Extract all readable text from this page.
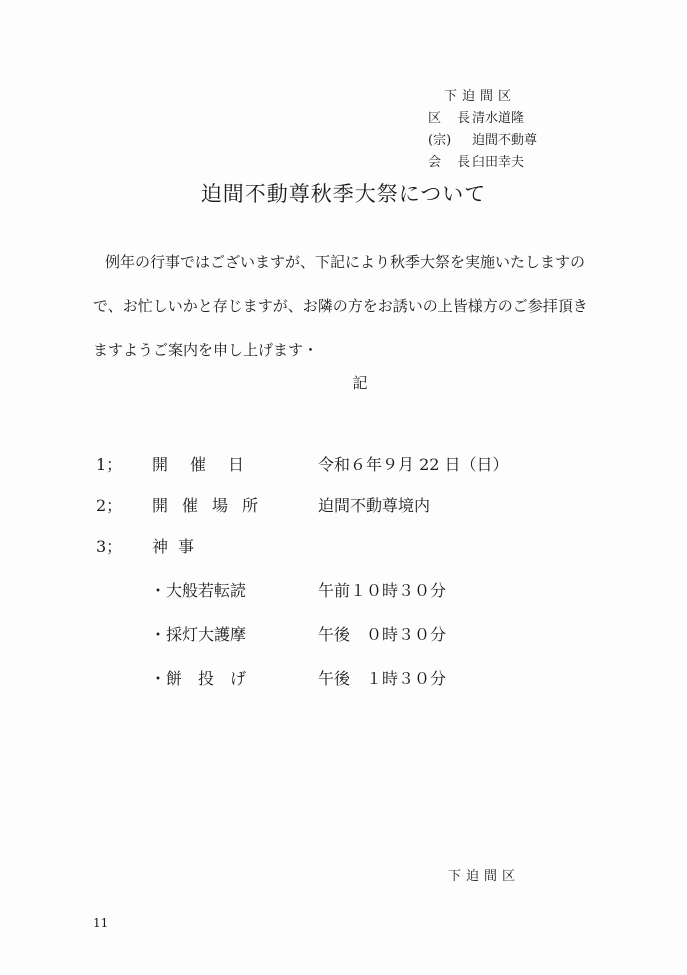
下迫間区
区 長
清水道隆
(宗)	迫間不動尊
会 長
臼田幸夫
迫間不動尊秋季大祭について

例年の行事ではございますが、下記により秋季大祭を実施いたしますの

で、お忙しいかと存じますが、お隣の方をお誘いの上皆様方のご参拝頂き

ますようご案内を申し上げます・

記
1；	開催日	令和６年９月 22 日（日）
2；	開催場所	迫間不動尊境内
3；	神事
・大般若転読	午前１０時３０分
・採灯大護摩	午後　０時３０分
・餅　投　げ	午後　１時３０分
下迫間区
11
